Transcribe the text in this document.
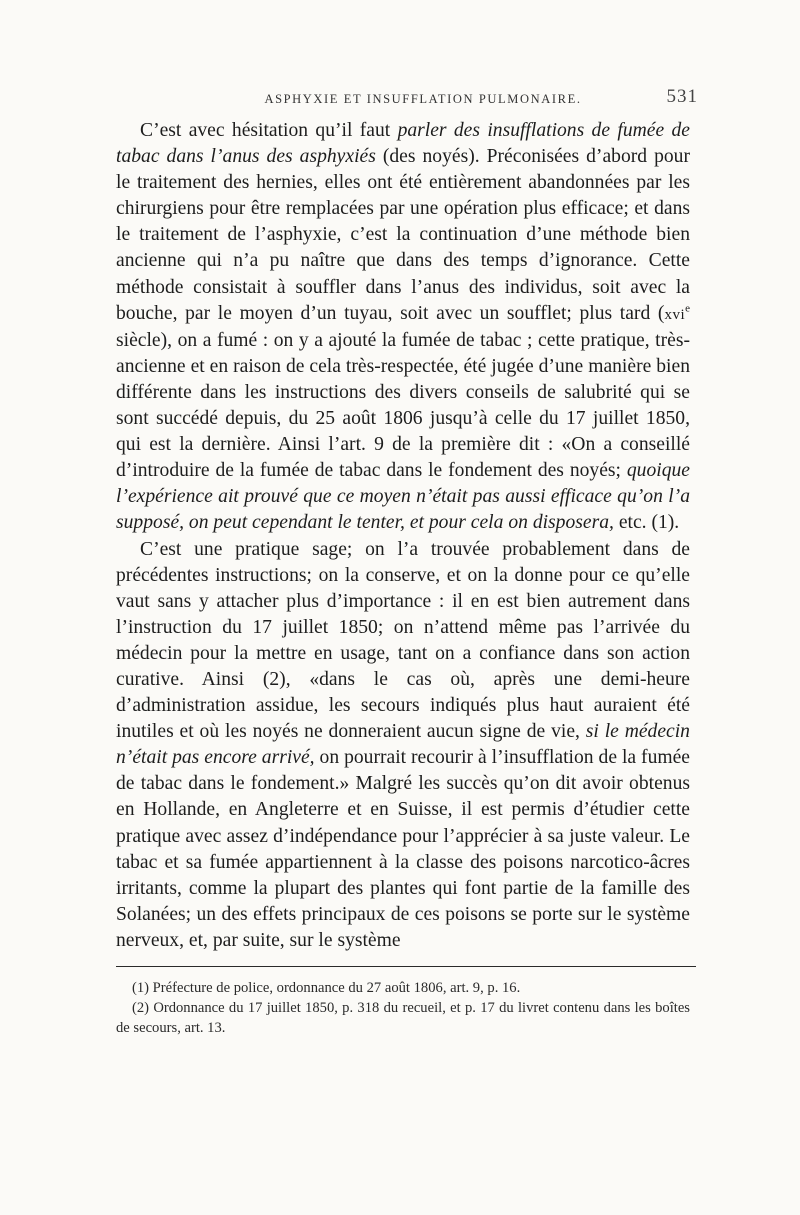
ASPHYXIE ET INSUFFLATION PULMONAIRE.	531

C’est avec hésitation qu’il faut parler des insufflations de fumée de tabac dans l’anus des asphyxiés (des noyés). Préconisées d’abord pour le traitement des hernies, elles ont été entièrement abandonnées par les chirurgiens pour être remplacées par une opération plus efficace; et dans le traitement de l’asphyxie, c’est la continuation d’une méthode bien ancienne qui n’a pu naître que dans des temps d’ignorance. Cette méthode consistait à souffler dans l’anus des individus, soit avec la bouche, par le moyen d’un tuyau, soit avec un soufflet; plus tard (xvi$^e$ siècle), on a fumé : on y a ajouté la fumée de tabac ; cette pratique, très-ancienne et en raison de cela très-respectée, été jugée d’une manière bien différente dans les instructions des divers conseils de salubrité qui se sont succédé depuis, du 25 août 1806 jusqu’à celle du 17 juillet 1850, qui est la dernière. Ainsi l’art. 9 de la première dit : «On a conseillé d’introduire de la fumée de tabac dans le fondement des noyés; quoique l’expérience ait prouvé que ce moyen n’était pas aussi efficace qu’on l’a supposé, on peut cependant le tenter, et pour cela on disposera, etc. (1).

C’est une pratique sage; on l’a trouvée probablement dans de précédentes instructions; on la conserve, et on la donne pour ce qu’elle vaut sans y attacher plus d’importance : il en est bien autrement dans l’instruction du 17 juillet 1850; on n’attend même pas l’arrivée du médecin pour la mettre en usage, tant on a confiance dans son action curative. Ainsi (2), «dans le cas où, après une demi-heure d’administration assidue, les secours indiqués plus haut auraient été inutiles et où les noyés ne donneraient aucun signe de vie, si le médecin n’était pas encore arrivé, on pourrait recourir à l’insufflation de la fumée de tabac dans le fondement.» Malgré les succès qu’on dit avoir obtenus en Hollande, en Angleterre et en Suisse, il est permis d’étudier cette pratique avec assez d’indépendance pour l’apprécier à sa juste valeur. Le tabac et sa fumée appartiennent à la classe des poisons narcotico-âcres irritants, comme la plupart des plantes qui font partie de la famille des Solanées; un des effets principaux de ces poisons se porte sur le système nerveux, et, par suite, sur le système

(1) Préfecture de police, ordonnance du 27 août 1806, art. 9, p. 16.

(2) Ordonnance du 17 juillet 1850, p. 318 du recueil, et p. 17 du livret contenu dans les boîtes de secours, art. 13.
